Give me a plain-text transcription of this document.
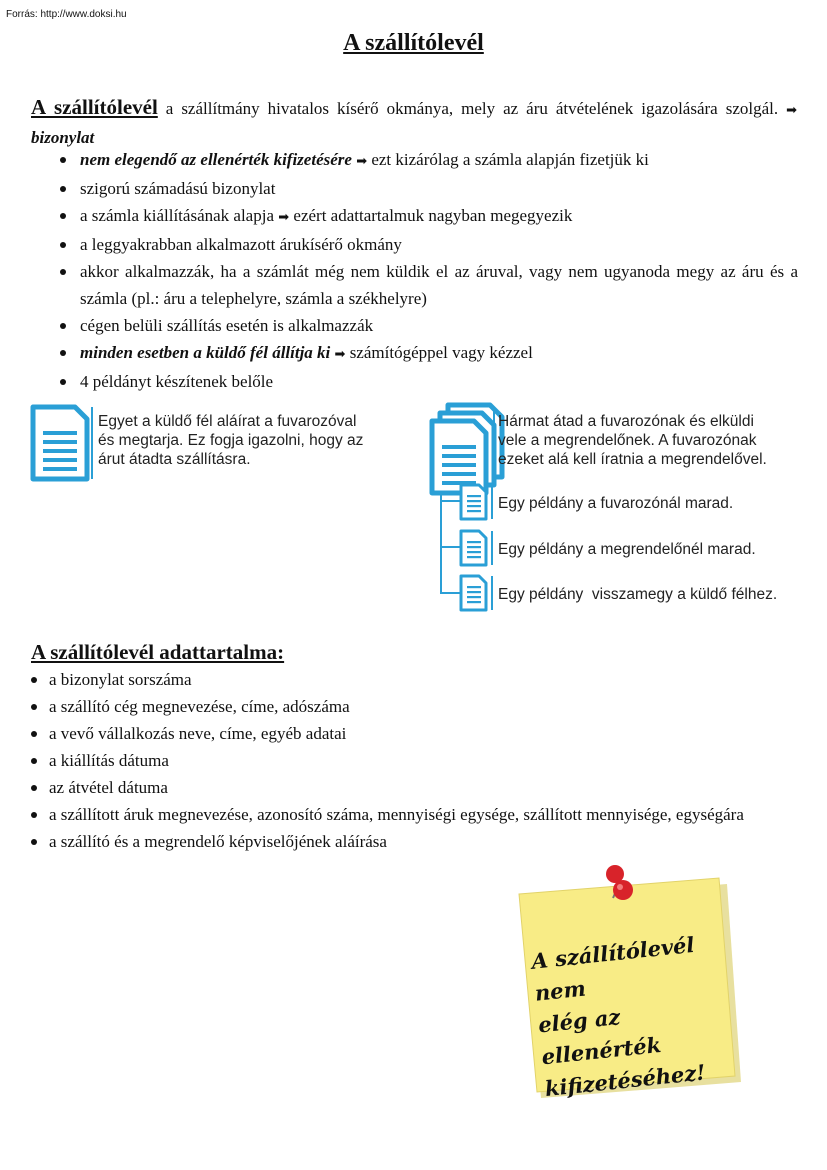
Forrás: http://www.doksi.hu
A szállítólevél
A szállítólevél a szállítmány hivatalos kísérő okmánya, mely az áru átvételének igazolására szolgál. ➡ bizonylat
nem elegendő az ellenérték kifizetésére ➡ ezt kizárólag a számla alapján fizetjük ki
szigorú számadású bizonylat
a számla kiállításának alapja ➡ ezért adattartalmuk nagyban megegyezik
a leggyakrabban alkalmazott árukísérő okmány
akkor alkalmazzák, ha a számlát még nem küldik el az áruval, vagy nem ugyanoda megy az áru és a számla (pl.: áru a telephelyre, számla a székhelyre)
cégen belüli szállítás esetén is alkalmazzák
minden esetben a küldő fél állítja ki ➡ számítógéppel vagy kézzel
4 példányt készítenek belőle
Egyet a küldő fél aláírat a fuvarozóval
és megtarja. Ez fogja igazolni, hogy az
árut átadta szállításra.
Hármat átad a fuvarozónak és elküldi
vele a megrendelőnek. A fuvarozónak
ezeket alá kell íratnia a megrendelővel.
Egy példány a fuvarozónál marad.
Egy példány a megrendelőnél marad.
Egy példány  visszamegy a küldő félhez.
A szállítólevél adattartalma:
a bizonylat sorszáma
a szállító cég megnevezése, címe, adószáma
a vevő vállalkozás neve, címe, egyéb adatai
a kiállítás dátuma
az átvétel dátuma
a szállított áruk megnevezése, azonosító száma, mennyiségi egysége, szállított mennyisége, egységára
a szállító és a megrendelő képviselőjének aláírása
A szállítólevél nem
elég az ellenérték
kifizetéséhez!
